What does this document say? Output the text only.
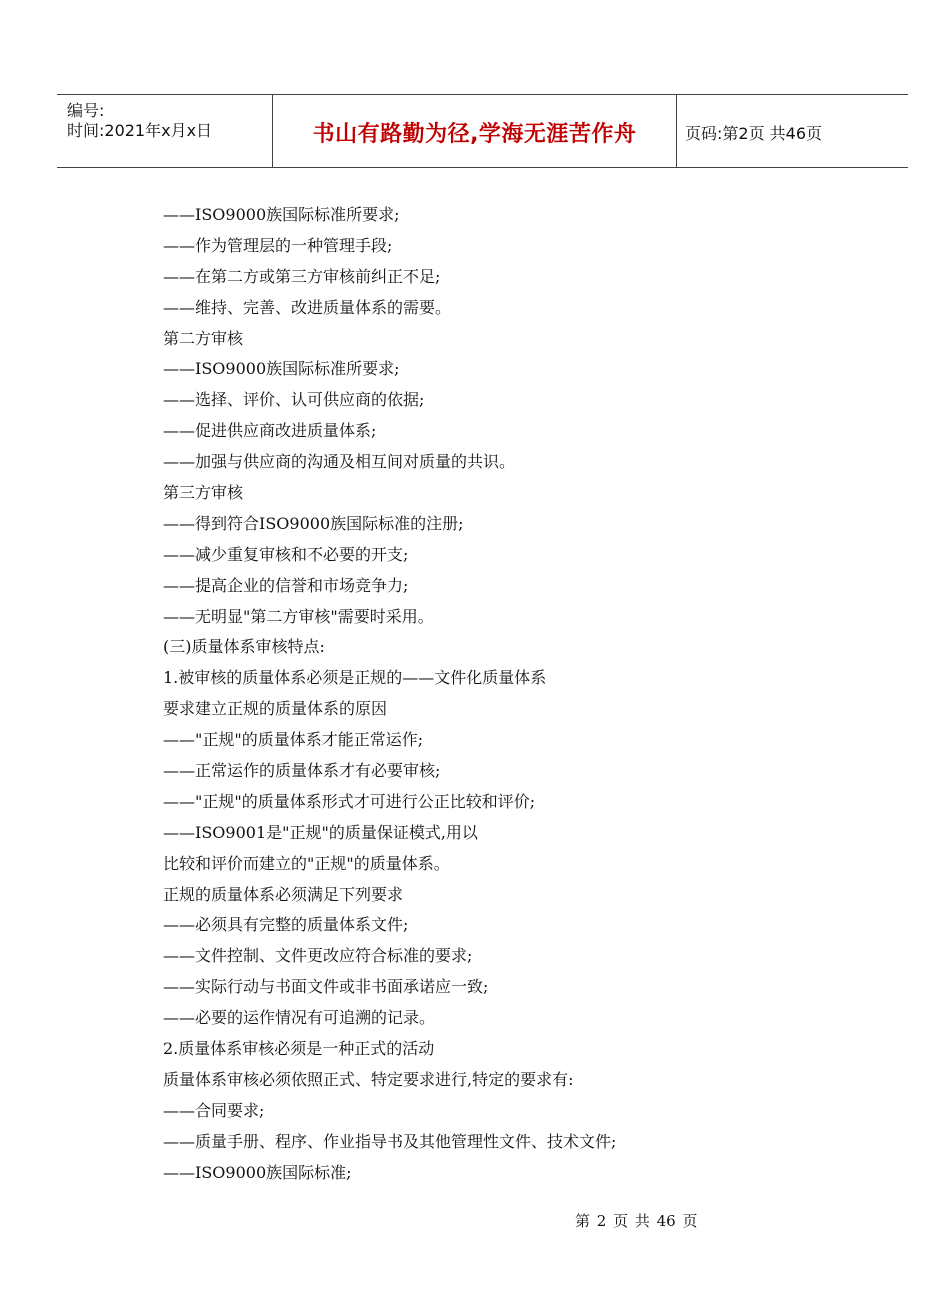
编号:
时间:2021年x月x日	书山有路勤为径,学海无涯苦作舟	页码:第2页 共46页
——ISO9000族国际标准所要求;
——作为管理层的一种管理手段;
——在第二方或第三方审核前纠正不足;
——维持、完善、改进质量体系的需要。
第二方审核
——ISO9000族国际标准所要求;
——选择、评价、认可供应商的依据;
——促进供应商改进质量体系;
——加强与供应商的沟通及相互间对质量的共识。
第三方审核
——得到符合ISO9000族国际标准的注册;
——减少重复审核和不必要的开支;
——提高企业的信誉和市场竞争力;
——无明显"第二方审核"需要时采用。
(三)质量体系审核特点:
1.被审核的质量体系必须是正规的——文件化质量体系
要求建立正规的质量体系的原因
——"正规"的质量体系才能正常运作;
——正常运作的质量体系才有必要审核;
——"正规"的质量体系形式才可进行公正比较和评价;
——ISO9001是"正规"的质量保证模式,用以
比较和评价而建立的"正规"的质量体系。
正规的质量体系必须满足下列要求
——必须具有完整的质量体系文件;
——文件控制、文件更改应符合标准的要求;
——实际行动与书面文件或非书面承诺应一致;
——必要的运作情况有可追溯的记录。
2.质量体系审核必须是一种正式的活动
质量体系审核必须依照正式、特定要求进行,特定的要求有:
——合同要求;
——质量手册、程序、作业指导书及其他管理性文件、技术文件;
——ISO9000族国际标准;
第 2 页 共 46 页
